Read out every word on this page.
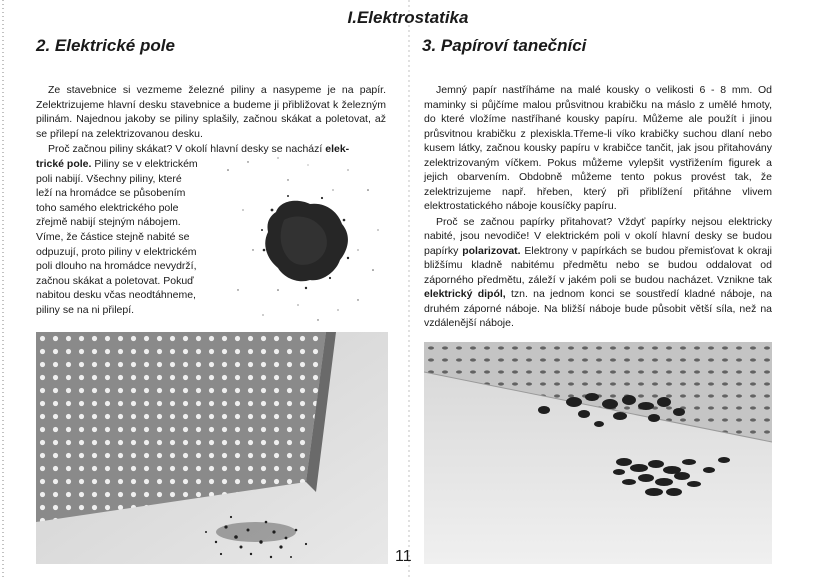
I.Elektrostatika
2. Elektrické pole

Ze stavebnice si vezmeme železné piliny a nasypeme je na papír. Zelektrizujeme hlavní desku stavebnice a budeme ji přibližovat k železným pilinám. Najednou jakoby se piliny splašily, začnou skákat a poletovat, až se přilepí na zelektrizovanou desku.

Proč začnou piliny skákat? V okolí hlavní desky se nachází elek-

trické pole. Piliny se v elektrickém
poli nabijí. Všechny piliny, které
leží na hromádce se působením
toho samého elektrického pole
zřejmě nabijí stejným nábojem.
Víme, že částice stejně nabité se
odpuzují, proto piliny v elektrickém
poli dlouho na hromádce nevydrží,
začnou skákat a poletovat. Pokuď
nabitou desku včas neodtáhneme,
piliny se na ni přilepí.
11
3. Papíroví tanečníci

Jemný papír nastříháme na malé kousky o velikosti 6 - 8 mm. Od maminky si půjčíme malou průsvitnou krabičku na máslo z umělé hmoty, do které vložíme nastříhané kousky papíru. Můžeme ale použít i jinou průsvitnou krabičku z plexiskla.Třeme-li víko krabičky suchou dlaní nebo kusem látky, začnou kousky papíru v krabičce tančit, jak jsou přitahovány zelektrizovaným víčkem. Pokus můžeme vylepšit vystřižením figurek a jejich obarvením. Obdobně můžeme tento pokus provést tak, že zelektrizujeme např. hřeben, který při přiblížení přitáhne vlivem elektrostatického náboje kousíčky papíru.

Proč se začnou papírky přitahovat? Vždyť papírky nejsou elektricky nabité, jsou nevodiče! V elektrickém poli v okolí hlavní desky se budou papírky polarizovat. Elektrony v papírkách se budou přemisťovat k okraji bližšímu kladně nabitému předmětu nebo se budou oddalovat od záporného předmětu, záleží v jakém poli se budou nacházet. Vznikne tak elektrický dipól, tzn. na jednom konci se soustředí kladné náboje, na druhém záporné náboje. Na bližší náboje bude působit větší síla, než na vzdálenější náboje.
